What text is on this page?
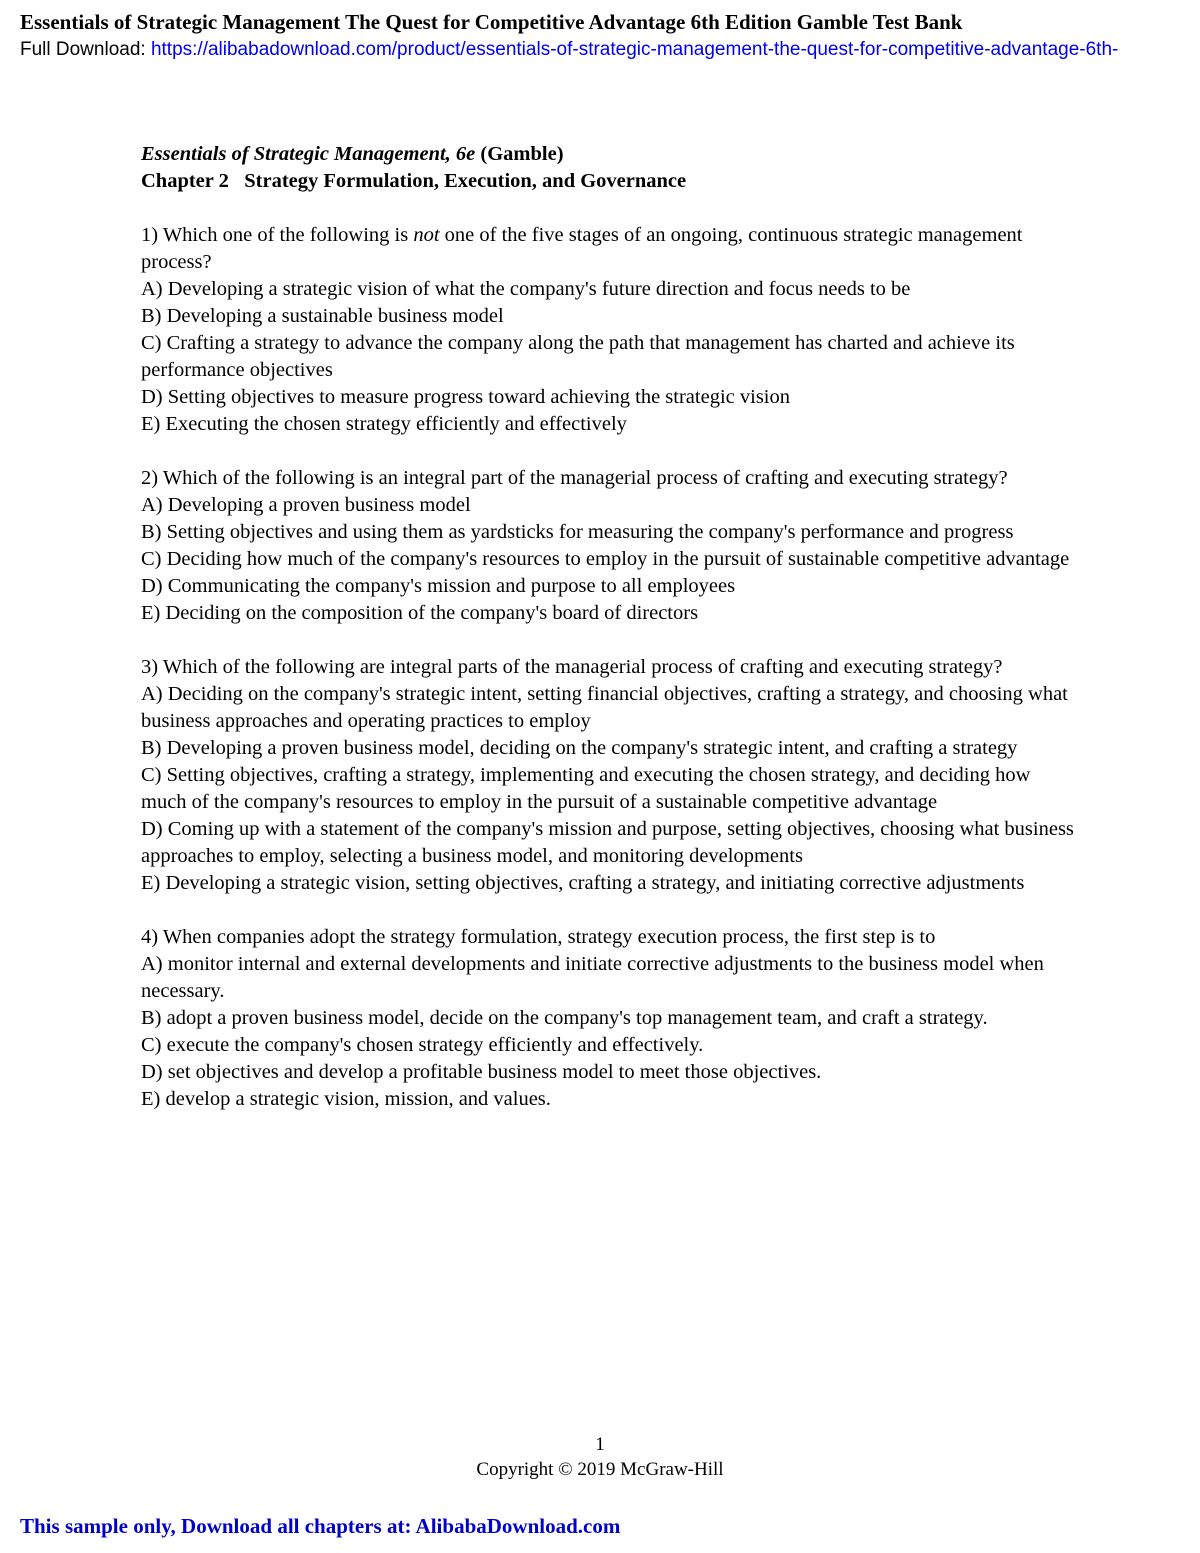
Essentials of Strategic Management The Quest for Competitive Advantage 6th Edition Gamble Test Bank
Full Download: https://alibabadownload.com/product/essentials-of-strategic-management-the-quest-for-competitive-advantage-6th-
Essentials of Strategic Management, 6e (Gamble)
Chapter 2   Strategy Formulation, Execution, and Governance
1) Which one of the following is not one of the five stages of an ongoing, continuous strategic management process?
A) Developing a strategic vision of what the company's future direction and focus needs to be
B) Developing a sustainable business model
C) Crafting a strategy to advance the company along the path that management has charted and achieve its performance objectives
D) Setting objectives to measure progress toward achieving the strategic vision
E) Executing the chosen strategy efficiently and effectively
2) Which of the following is an integral part of the managerial process of crafting and executing strategy?
A) Developing a proven business model
B) Setting objectives and using them as yardsticks for measuring the company's performance and progress
C) Deciding how much of the company's resources to employ in the pursuit of sustainable competitive advantage
D) Communicating the company's mission and purpose to all employees
E) Deciding on the composition of the company's board of directors
3) Which of the following are integral parts of the managerial process of crafting and executing strategy?
A) Deciding on the company's strategic intent, setting financial objectives, crafting a strategy, and choosing what business approaches and operating practices to employ
B) Developing a proven business model, deciding on the company's strategic intent, and crafting a strategy
C) Setting objectives, crafting a strategy, implementing and executing the chosen strategy, and deciding how much of the company's resources to employ in the pursuit of a sustainable competitive advantage
D) Coming up with a statement of the company's mission and purpose, setting objectives, choosing what business approaches to employ, selecting a business model, and monitoring developments
E) Developing a strategic vision, setting objectives, crafting a strategy, and initiating corrective adjustments
4) When companies adopt the strategy formulation, strategy execution process, the first step is to
A) monitor internal and external developments and initiate corrective adjustments to the business model when necessary.
B) adopt a proven business model, decide on the company's top management team, and craft a strategy.
C) execute the company's chosen strategy efficiently and effectively.
D) set objectives and develop a profitable business model to meet those objectives.
E) develop a strategic vision, mission, and values.
1
Copyright © 2019 McGraw-Hill
This sample only, Download all chapters at: AlibabaDownload.com
